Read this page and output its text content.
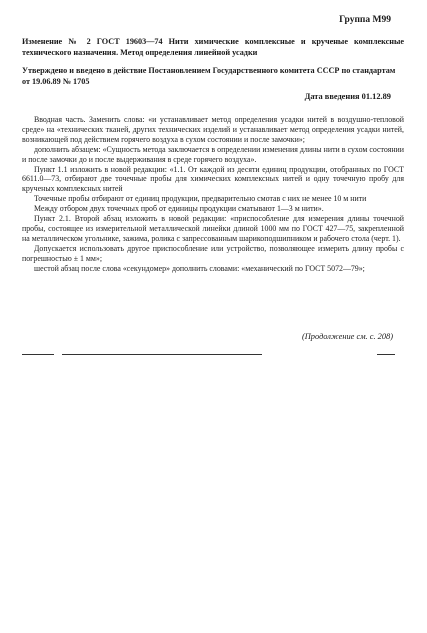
Группа М99

Изменение № 2 ГОСТ 19603—74 Нити химические комплексные и крученые комплексные технического назначения. Метод определения линейной усадки

Утверждено и введено в действие Постановлением Государственного комитета СССР по стандартам от 19.06.89 № 1705

Дата введения 01.12.89

Вводная часть. Заменить слова: «и устанавливает метод определения усадки нитей в воздушно-тепловой среде» на «технических тканей, других технических изделий и устанавливает метод определения усадки нитей, возникающей под действием горячего воздуха в сухом состоянии и после замочки»;

дополнить абзацем: «Сущность метода заключается в определении изменения длины нити в сухом состоянии и после замочки до и после выдерживания в среде горячего воздуха».

Пункт 1.1 изложить в новой редакции: «1.1. От каждой из десяти единиц продукции, отобранных по ГОСТ 6611.0—73, отбирают две точечные пробы для химических комплексных нитей и одну точечную пробу для крученых комплексных нитей

Точечные пробы отбирают от единиц продукции, предварительно смотав с них не менее 10 м нити

Между отбором двух точечных проб от единицы продукции сматывают 1—3 м нити».

Пункт 2.1. Второй абзац изложить в новой редакции: «приспособление для измерения длины точечной пробы, состоящее из измерительной металлической линейки длиной 1000 мм по ГОСТ 427—75, закрепленной на металлическом угольнике, зажима, ролика с запрессованным шарикоподшипником и рабочего стола (черт. 1).

Допускается использовать другое приспособление или устройство, позволяющее измерить длину пробы с погрешностью ± 1 мм»;

шестой абзац после слова «секундомер» дополнить словами: «механический по ГОСТ 5072—79»;

(Продолжение см. с. 208)
